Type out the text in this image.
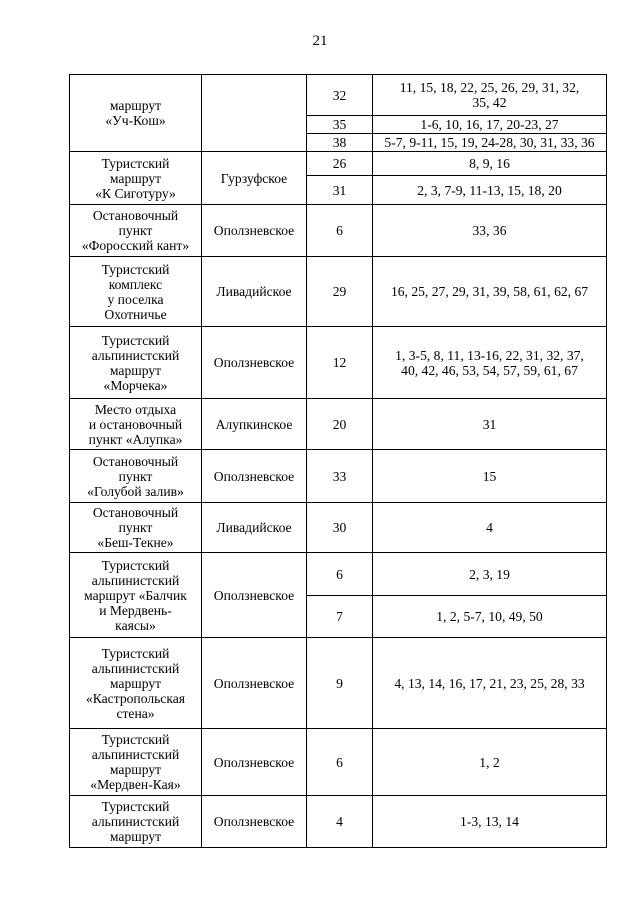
21
маршрут
«Уч-Кош»		32	11, 15, 18, 22, 25, 26, 29, 31, 32,
35, 42

		35	1-6, 10, 16, 17, 20-23, 27

		38	5-7, 9-11, 15, 19, 24-28, 30, 31, 33, 36

Туристский
маршрут
«К Сиготуру»	Гурзуфское	26	8, 9, 16

		31	2, 3, 7-9, 11-13, 15, 18, 20

Остановочный
пункт
«Форосский кант»	Оползневское	6	33, 36

Туристский
комплекс
у поселка
Охотничье	Ливадийское	29	16, 25, 27, 29, 31, 39, 58, 61, 62, 67

Туристский
альпинистский
маршрут
«Морчека»	Оползневское	12	1, 3-5, 8, 11, 13-16, 22, 31, 32, 37,
40, 42, 46, 53, 54, 57, 59, 61, 67

Место отдыха
и остановочный
пункт «Алупка»	Алупкинское	20	31

Остановочный
пункт
«Голубой залив»	Оползневское	33	15

Остановочный
пункт
«Беш-Текне»	Ливадийское	30	4

Туристский
альпинистский
маршрут «Балчик
и Мердвень-
каясы»	Оползневское	6	2, 3, 19

		7	1, 2, 5-7, 10, 49, 50

Туристский
альпинистский
маршрут
«Кастропольская
стена»	Оползневское	9	4, 13, 14, 16, 17, 21, 23, 25, 28, 33

Туристский
альпинистский
маршрут
«Мердвен-Кая»	Оползневское	6	1, 2

Туристский
альпинистский
маршрут	Оползневское	4	1-3, 13, 14
